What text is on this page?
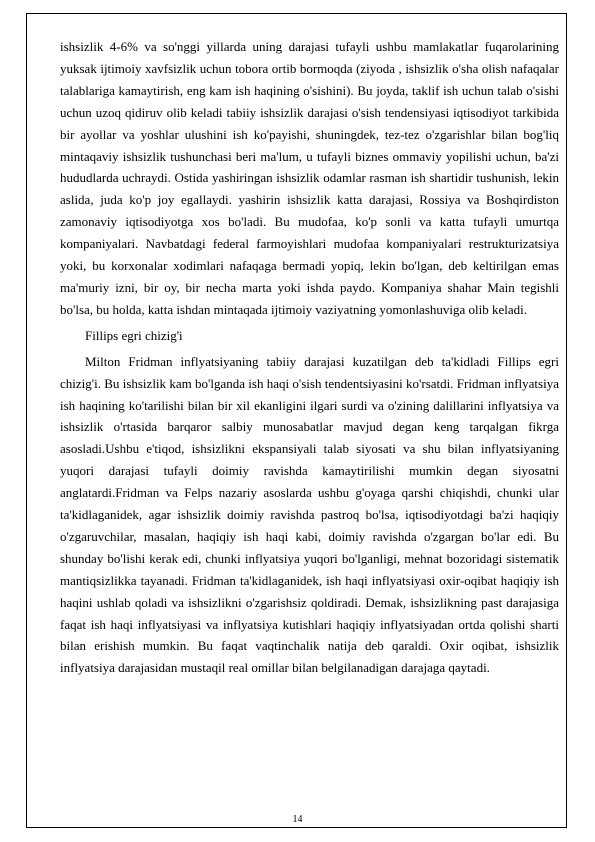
ishsizlik 4-6% va so'nggi yillarda uning darajasi tufayli ushbu mamlakatlar fuqarolarining yuksak ijtimoiy xavfsizlik uchun tobora ortib bormoqda (ziyoda , ishsizlik o'sha olish nafaqalar talablariga kamaytirish, eng kam ish haqining o'sishini). Bu joyda, taklif ish uchun talab o'sishi uchun uzoq qidiruv olib keladi tabiiy ishsizlik darajasi o'sish tendensiyasi iqtisodiyot tarkibida bir ayollar va yoshlar ulushini ish ko'payishi, shuningdek, tez-tez o'zgarishlar bilan bog'liq mintaqaviy ishsizlik tushunchasi beri ma'lum, u tufayli biznes ommaviy yopilishi uchun, ba'zi hududlarda uchraydi. Ostida yashiringan ishsizlik odamlar rasman ish shartidir tushunish, lekin aslida, juda ko'p joy egallaydi. yashirin ishsizlik katta darajasi, Rossiya va Boshqirdiston zamonaviy iqtisodiyotga xos bo'ladi. Bu mudofaa, ko'p sonli va katta tufayli umurtqa kompaniyalari. Navbatdagi federal farmoyishlari mudofaa kompaniyalari restrukturizatsiya yoki, bu korxonalar xodimlari nafaqaga bermadi yopiq, lekin bo'lgan, deb keltirilgan emas ma'muriy izni, bir oy, bir necha marta yoki ishda paydo. Kompaniya shahar Main tegishli bo'lsa, bu holda, katta ishdan mintaqada ijtimoiy vaziyatning yomonlashuviga olib keladi.

Fillips egri chizig'i

Milton Fridman inflyatsiyaning tabiiy darajasi kuzatilgan deb ta'kidladi Fillips egri chizig'i. Bu ishsizlik kam bo'lganda ish haqi o'sish tendentsiyasini ko'rsatdi. Fridman inflyatsiya ish haqining ko'tarilishi bilan bir xil ekanligini ilgari surdi va o'zining dalillarini inflyatsiya va ishsizlik o'rtasida barqaror salbiy munosabatlar mavjud degan keng tarqalgan fikrga asosladi.Ushbu e'tiqod, ishsizlikni ekspansiyali talab siyosati va shu bilan inflyatsiyaning yuqori darajasi tufayli doimiy ravishda kamaytirilishi mumkin degan siyosatni anglatardi.Fridman va Felps nazariy asoslarda ushbu g'oyaga qarshi chiqishdi, chunki ular ta'kidlaganidek, agar ishsizlik doimiy ravishda pastroq bo'lsa, iqtisodiyotdagi ba'zi haqiqiy o'zgaruvchilar, masalan, haqiqiy ish haqi kabi, doimiy ravishda o'zgargan bo'lar edi. Bu shunday bo'lishi kerak edi, chunki inflyatsiya yuqori bo'lganligi, mehnat bozoridagi sistematik mantiqsizlikka tayanadi. Fridman ta'kidlaganidek, ish haqi inflyatsiyasi oxir-oqibat haqiqiy ish haqini ushlab qoladi va ishsizlikni o'zgarishsiz qoldiradi. Demak, ishsizlikning past darajasiga faqat ish haqi inflyatsiyasi va inflyatsiya kutishlari haqiqiy inflyatsiyadan ortda qolishi sharti bilan erishish mumkin. Bu faqat vaqtinchalik natija deb qaraldi. Oxir oqibat, ishsizlik inflyatsiya darajasidan mustaqil real omillar bilan belgilanadigan darajaga qaytadi.

14
